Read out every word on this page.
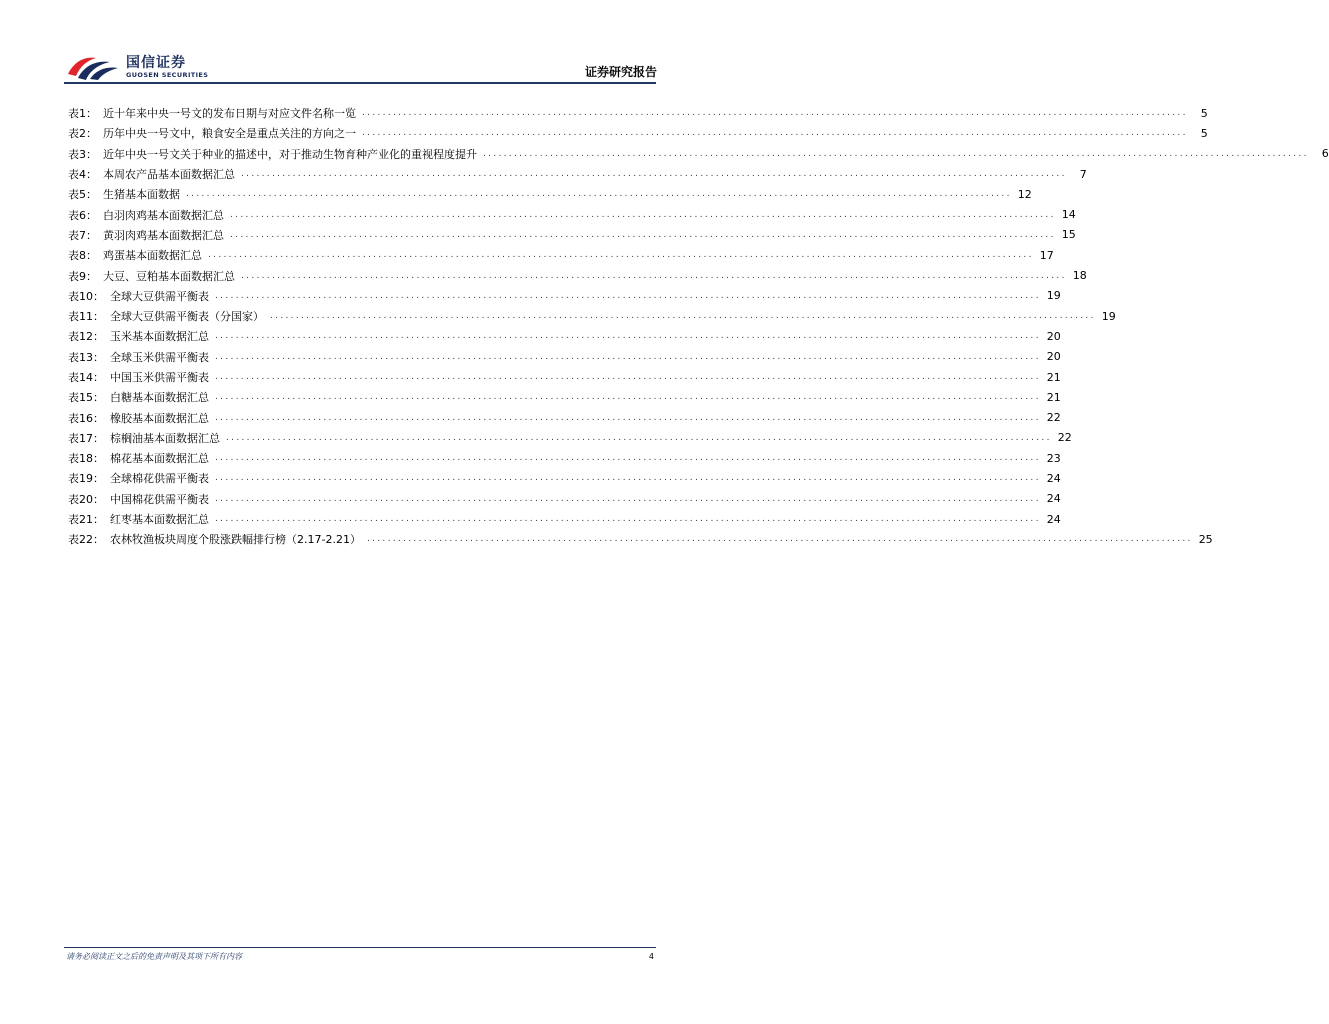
国信证券
GUOSEN SECURITIES	证券研究报告
表1： 近十年来中央一号文的发布日期与对应文件名称一览 ................................................................................................................................................................	5
表2： 历年中央一号文中，粮食安全是重点关注的方向之一 ................................................................................................................................................................	5
表3： 近年中央一号文关于种业的描述中，对于推动生物育种产业化的重视程度提升 ................................................................................................................................................................	6
表4： 本周农产品基本面数据汇总 ................................................................................................................................................................	7
表5： 生猪基本面数据 ................................................................................................................................................................ 12
表6： 白羽肉鸡基本面数据汇总 ................................................................................................................................................................ 14
表7： 黄羽肉鸡基本面数据汇总 ................................................................................................................................................................ 15
表8： 鸡蛋基本面数据汇总 ................................................................................................................................................................ 17
表9： 大豆、豆粕基本面数据汇总 ................................................................................................................................................................ 18
表10： 全球大豆供需平衡表 ................................................................................................................................................................ 19
表11： 全球大豆供需平衡表（分国家） ................................................................................................................................................................ 19
表12： 玉米基本面数据汇总 ................................................................................................................................................................ 20
表13： 全球玉米供需平衡表 ................................................................................................................................................................ 20
表14： 中国玉米供需平衡表 ................................................................................................................................................................ 21
表15： 白糖基本面数据汇总 ................................................................................................................................................................ 21
表16： 橡胶基本面数据汇总 ................................................................................................................................................................ 22
表17： 棕榈油基本面数据汇总 ................................................................................................................................................................ 22
表18： 棉花基本面数据汇总 ................................................................................................................................................................ 23
表19： 全球棉花供需平衡表 ................................................................................................................................................................ 24
表20： 中国棉花供需平衡表 ................................................................................................................................................................ 24
表21： 红枣基本面数据汇总 ................................................................................................................................................................ 24
表22： 农林牧渔板块周度个股涨跌幅排行榜（2.17-2.21） ................................................................................................................................................................ 25
请务必阅读正文之后的免责声明及其项下所有内容	4
